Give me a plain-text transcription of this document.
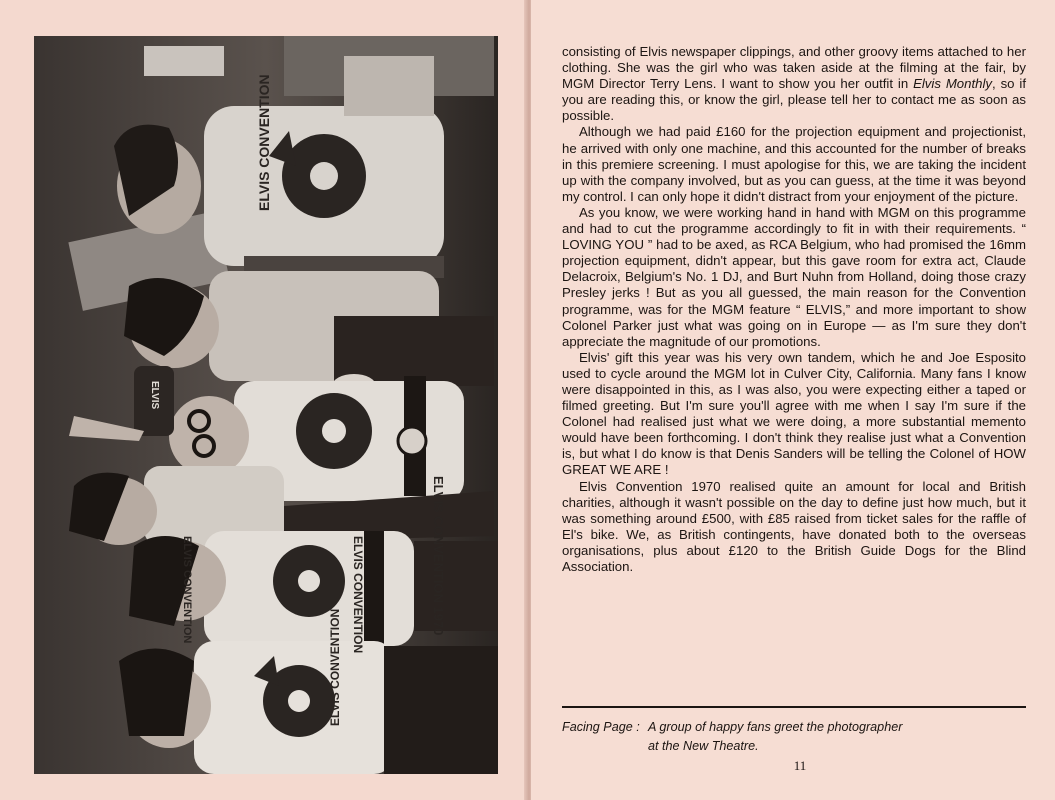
ELVIS CONVENTION
ELVIS CONVENTION 1970
ELVIS CONVENTION
ELVIS CONVENTION
ELVIS CONVENTION
ELVIS

consisting of Elvis newspaper clippings, and other groovy items attached to her clothing. She was the girl who was taken aside at the filming at the fair, by MGM Director Terry Lens. I want to show you her outfit in Elvis Monthly, so if you are reading this, or know the girl, please tell her to contact me as soon as possible.

Although we had paid £160 for the projection equipment and projectionist, he arrived with only one machine, and this accounted for the number of breaks in this premiere screening. I must apologise for this, we are taking the incident up with the company involved, but as you can guess, at the time it was beyond my control. I can only hope it didn't distract from your enjoyment of the picture.

As you know, we were working hand in hand with MGM on this programme and had to cut the programme accordingly to fit in with their requirements. “ LOVING YOU ” had to be axed, as RCA Belgium, who had promised the 16mm projection equipment, didn't appear, but this gave room for extra act, Claude Delacroix, Belgium's No. 1 DJ, and Burt Nuhn from Holland, doing those crazy Presley jerks ! But as you all guessed, the main reason for the Convention programme, was for the MGM feature “ ELVIS,” and more important to show Colonel Parker just what was going on in Europe — as I'm sure they don't appreciate the magnitude of our promotions.

Elvis' gift this year was his very own tandem, which he and Joe Esposito used to cycle around the MGM lot in Culver City, California. Many fans I know were disappointed in this, as I was also, you were expecting either a taped or filmed greeting. But I'm sure you'll agree with me when I say I'm sure if the Colonel had realised just what we were doing, a more substantial memento would have been forthcoming. I don't think they realise just what a Convention is, but what I do know is that Denis Sanders will be telling the Colonel of HOW GREAT WE ARE !

Elvis Convention 1970 realised quite an amount for local and British charities, although it wasn't possible on the day to define just how much, but it was something around £500, with £85 raised from ticket sales for the raffle of El's bike. We, as British contingents, have donated both to the overseas organisations, plus about £120 to the British Guide Dogs for the Blind Association.

Facing Page : A group of happy fans greet the photographer
at the New Theatre.
11
